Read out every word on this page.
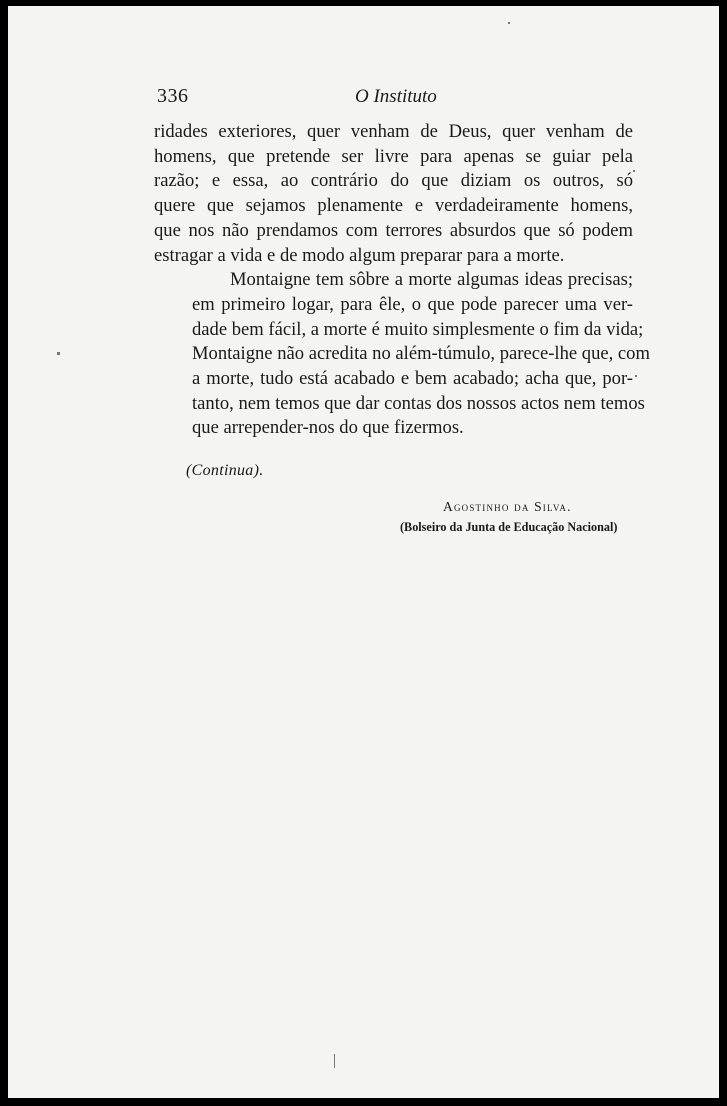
336	O Instituto

ridades exteriores, quer venham de Deus, quer venham de
homens, que pretende ser livre para apenas se guiar pela
razão; e essa, ao contrário do que diziam os outros, só
quere que sejamos plenamente e verdadeiramente homens,
que nos não prendamos com terrores absurdos que só podem
estragar a vida e de modo algum preparar para a morte.

Montaigne tem sôbre a morte algumas ideas precisas;
em primeiro logar, para êle, o que pode parecer uma ver-
dade bem fácil, a morte é muito simplesmente o fim da vida;
Montaigne não acredita no além-túmulo, parece-lhe que, com
a morte, tudo está acabado e bem acabado; acha que, por-
tanto, nem temos que dar contas dos nossos actos nem temos
que arrepender-nos do que fizermos.

(Continua).
Agostinho da Silva.
(Bolseiro da Junta de Educação Nacional)
